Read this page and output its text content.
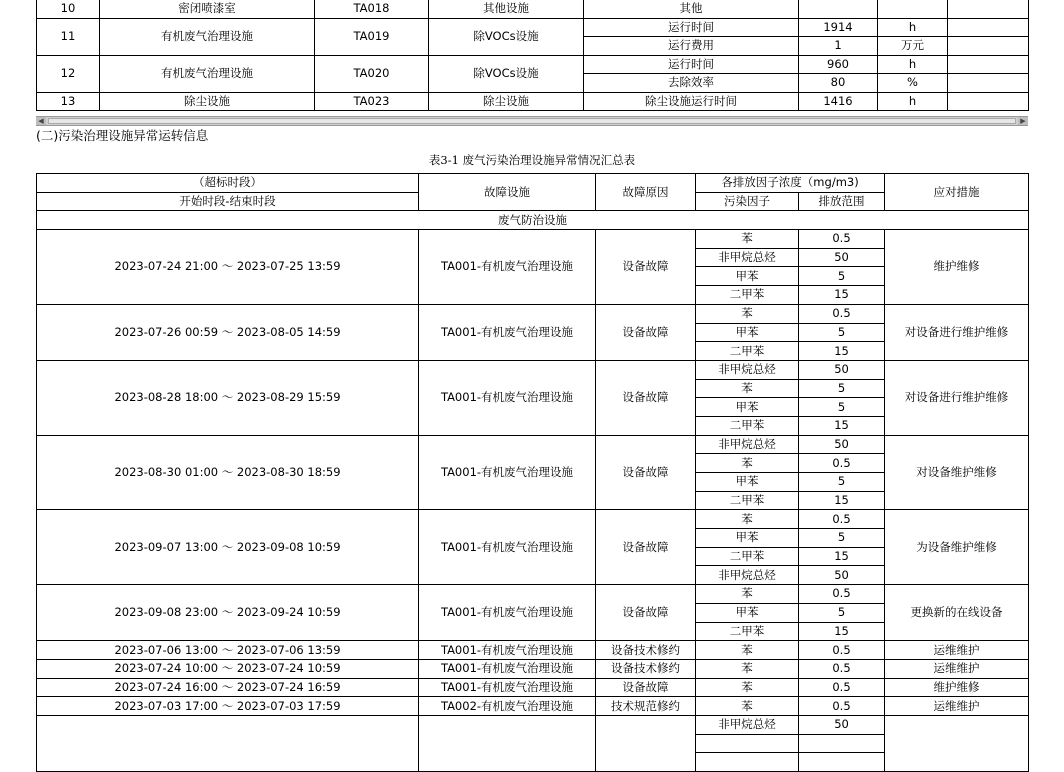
10	密闭喷漆室	TA018	其他设施	其他			
11	有机废气治理设施	TA019	除VOCs设施	运行时间	1914	h	
				运行费用	1	万元	
12	有机废气治理设施	TA020	除VOCs设施	运行时间	960	h	
				去除效率	80	%	
13	除尘设施	TA023	除尘设施	除尘设施运行时间	1416	h	
◀	▶
(二)污染治理设施异常运转信息
表3-1 废气污染治理设施异常情况汇总表
（超标时段）	故障设施	故障原因	各排放因子浓度（mg/m3)		应对措施
开始时段-结束时段			污染因子	排放范围	
废气防治设施					
2023-07-24 21:00 ～ 2023-07-25 13:59	TA001-有机废气治理设施	设备故障	苯	0.5	维护维修
			非甲烷总烃	50	
			甲苯	5	
			二甲苯	15	
2023-07-26 00:59 ～ 2023-08-05 14:59	TA001-有机废气治理设施	设备故障	苯	0.5	对设备进行维护维修
			甲苯	5	
			二甲苯	15	
2023-08-28 18:00 ～ 2023-08-29 15:59	TA001-有机废气治理设施	设备故障	非甲烷总烃	50	对设备进行维护维修
			苯	5	
			甲苯	5	
			二甲苯	15	
2023-08-30 01:00 ～ 2023-08-30 18:59	TA001-有机废气治理设施	设备故障	非甲烷总烃	50	对设备维护维修
			苯	0.5	
			甲苯	5	
			二甲苯	15	
2023-09-07 13:00 ～ 2023-09-08 10:59	TA001-有机废气治理设施	设备故障	苯	0.5	为设备维护维修
			甲苯	5	
			二甲苯	15	
			非甲烷总烃	50	
2023-09-08 23:00 ～ 2023-09-24 10:59	TA001-有机废气治理设施	设备故障	苯	0.5	更换新的在线设备
			甲苯	5	
			二甲苯	15	
2023-07-06 13:00 ～ 2023-07-06 13:59	TA001-有机废气治理设施	设备技术修约	苯	0.5	运维维护
2023-07-24 10:00 ～ 2023-07-24 10:59	TA001-有机废气治理设施	设备技术修约	苯	0.5	运维维护
2023-07-24 16:00 ～ 2023-07-24 16:59	TA001-有机废气治理设施	设备故障	苯	0.5	维护维修
2023-07-03 17:00 ～ 2023-07-03 17:59	TA002-有机废气治理设施	技术规范修约	苯	0.5	运维维护
			非甲烷总烃	50	
